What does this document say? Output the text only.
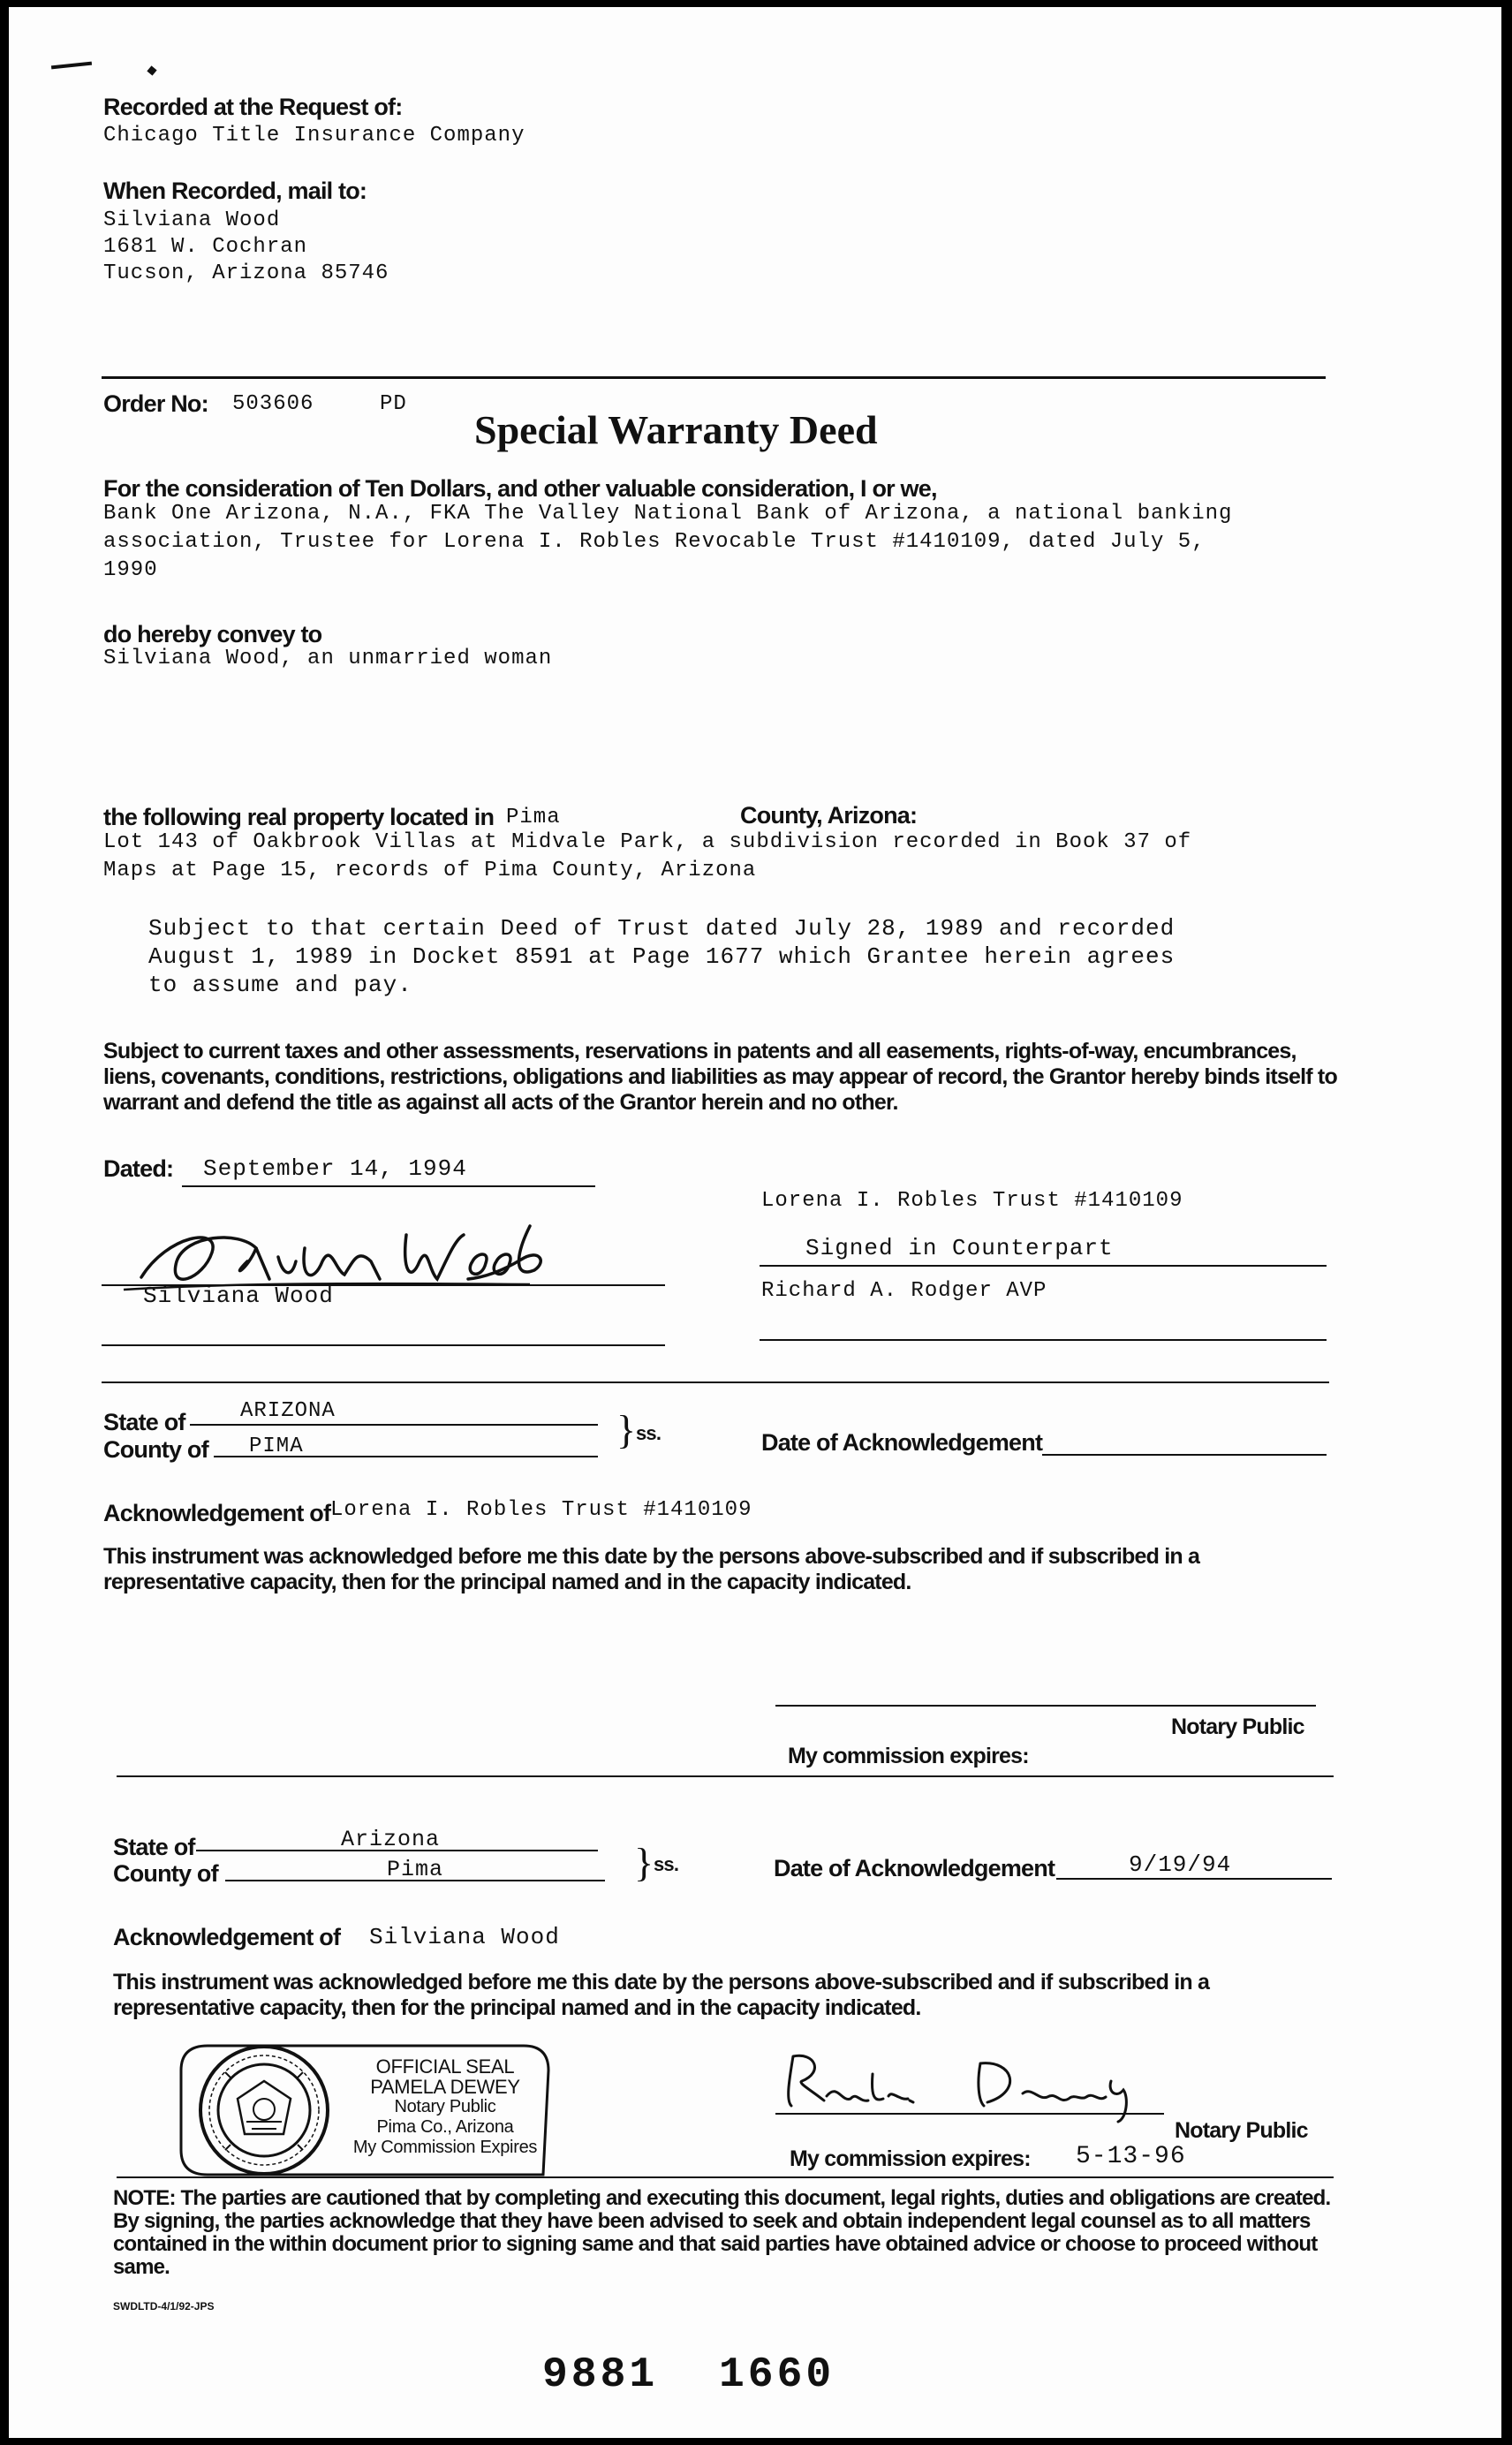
Recorded at the Request of:
Chicago Title Insurance Company
When Recorded, mail to:
Silviana Wood
1681 W. Cochran
Tucson, Arizona 85746
Order No: 503606	PD
Special Warranty Deed
For the consideration of Ten Dollars, and other valuable consideration, I or we,
Bank One Arizona, N.A., FKA The Valley National Bank of Arizona, a national banking
association, Trustee for Lorena I. Robles Revocable Trust #1410109, dated July 5,
1990
do hereby convey to
Silviana Wood, an unmarried woman
the following real property located in Pima	County, Arizona:
Lot 143 of Oakbrook Villas at Midvale Park, a subdivision recorded in Book 37 of
Maps at Page 15, records of Pima County, Arizona
Subject to that certain Deed of Trust dated July 28, 1989 and recorded
August 1, 1989 in Docket 8591 at Page 1677 which Grantee herein agrees
to assume and pay.
Subject to current taxes and other assessments, reservations in patents and all easements, rights-of-way, encumbrances, liens, covenants, conditions, restrictions, obligations and liabilities as may appear of record, the Grantor hereby binds itself to warrant and defend the title as against all acts of the Grantor herein and no other.
Dated: September 14, 1994
Silviana Wood
Lorena I. Robles Trust #1410109
Signed in Counterpart
Richard A. Rodger AVP
State of	ARIZONA
County of PIMA	} ss.	Date of Acknowledgement
Acknowledgement of Lorena I. Robles Trust #1410109
This instrument was acknowledged before me this date by the persons above-subscribed and if subscribed in a representative capacity, then for the principal named and in the capacity indicated.
Notary Public
My commission expires:
State of	Arizona
County of	Pima	} ss.	Date of Acknowledgement	9/19/94
Acknowledgement of Silviana Wood
This instrument was acknowledged before me this date by the persons above-subscribed and if subscribed in a representative capacity, then for the principal named and in the capacity indicated.
OFFICIAL SEAL
PAMELA DEWEY
Notary Public
Pima Co., Arizona
My Commission Expires
Notary Public
My commission expires: 5-13-96
NOTE: The parties are cautioned that by completing and executing this document, legal rights, duties and obligations are created. By signing, the parties acknowledge that they have been advised to seek and obtain independent legal counsel as to all matters contained in the within document prior to signing same and that said parties have obtained advice or choose to proceed without same.
SWDLTD-4/1/92-JPS
9881 1660
